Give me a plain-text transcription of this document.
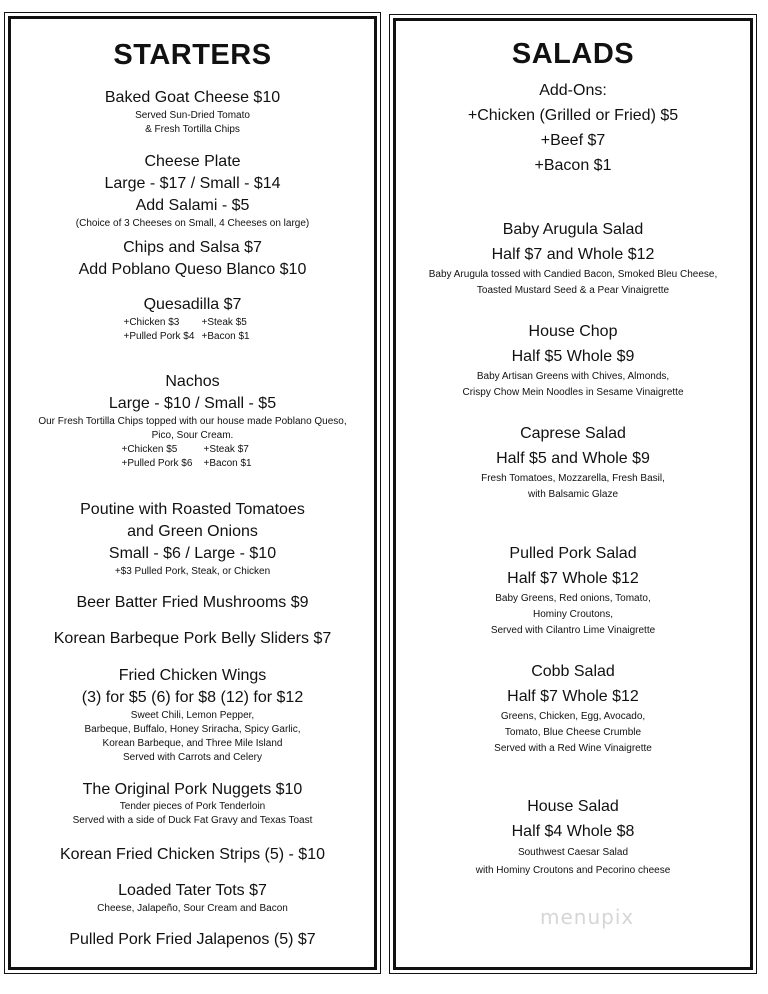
STARTERS
Baked Goat Cheese $10
Served Sun-Dried Tomato
& Fresh Tortilla Chips
Cheese Plate
Large - $17 / Small - $14
Add Salami - $5
(Choice of 3 Cheeses on Small, 4 Cheeses on large)
Chips and Salsa $7
Add Poblano Queso Blanco $10
Quesadilla $7
+Chicken $3 +Steak $5
+Pulled Pork $4 +Bacon $1
Nachos
Large - $10 / Small - $5
Our Fresh Tortilla Chips topped with our house made Poblano Queso,
Pico, Sour Cream.
+Chicken $5	+Steak $7
+Pulled Pork $6 +Bacon $1
Poutine with Roasted Tomatoes
and Green Onions
Small - $6 / Large - $10
+$3 Pulled Pork, Steak, or Chicken
Beer Batter Fried Mushrooms $9
Korean Barbeque Pork Belly Sliders $7
Fried Chicken Wings
(3) for $5 (6) for $8 (12) for $12
Sweet Chili, Lemon Pepper,
Barbeque, Buffalo, Honey Sriracha, Spicy Garlic,
Korean Barbeque, and Three Mile Island
Served with Carrots and Celery
The Original Pork Nuggets $10
Tender pieces of Pork Tenderloin
Served with a side of Duck Fat Gravy and Texas Toast
Korean Fried Chicken Strips (5) - $10
Loaded Tater Tots $7
Cheese, Jalapeño, Sour Cream and Bacon
Pulled Pork Fried Jalapenos (5) $7
SALADS
Add-Ons:
+Chicken (Grilled or Fried) $5
+Beef $7
+Bacon $1
Baby Arugula Salad
Half $7 and Whole $12
Baby Arugula tossed with Candied Bacon, Smoked Bleu Cheese,
Toasted Mustard Seed & a Pear Vinaigrette
House Chop
Half $5 Whole $9
Baby Artisan Greens with Chives, Almonds,
Crispy Chow Mein Noodles in Sesame Vinaigrette
Caprese Salad
Half $5 and Whole $9
Fresh Tomatoes, Mozzarella, Fresh Basil,
with Balsamic Glaze
Pulled Pork Salad
Half $7 Whole $12
Baby Greens, Red onions, Tomato,
Hominy Croutons,
Served with Cilantro Lime Vinaigrette
Cobb Salad
Half $7 Whole $12
Greens, Chicken, Egg, Avocado,
Tomato, Blue Cheese Crumble
Served with a Red Wine Vinaigrette
House Salad
Half $4 Whole $8
Southwest Caesar Salad
with Hominy Croutons and Pecorino cheese
menupix
